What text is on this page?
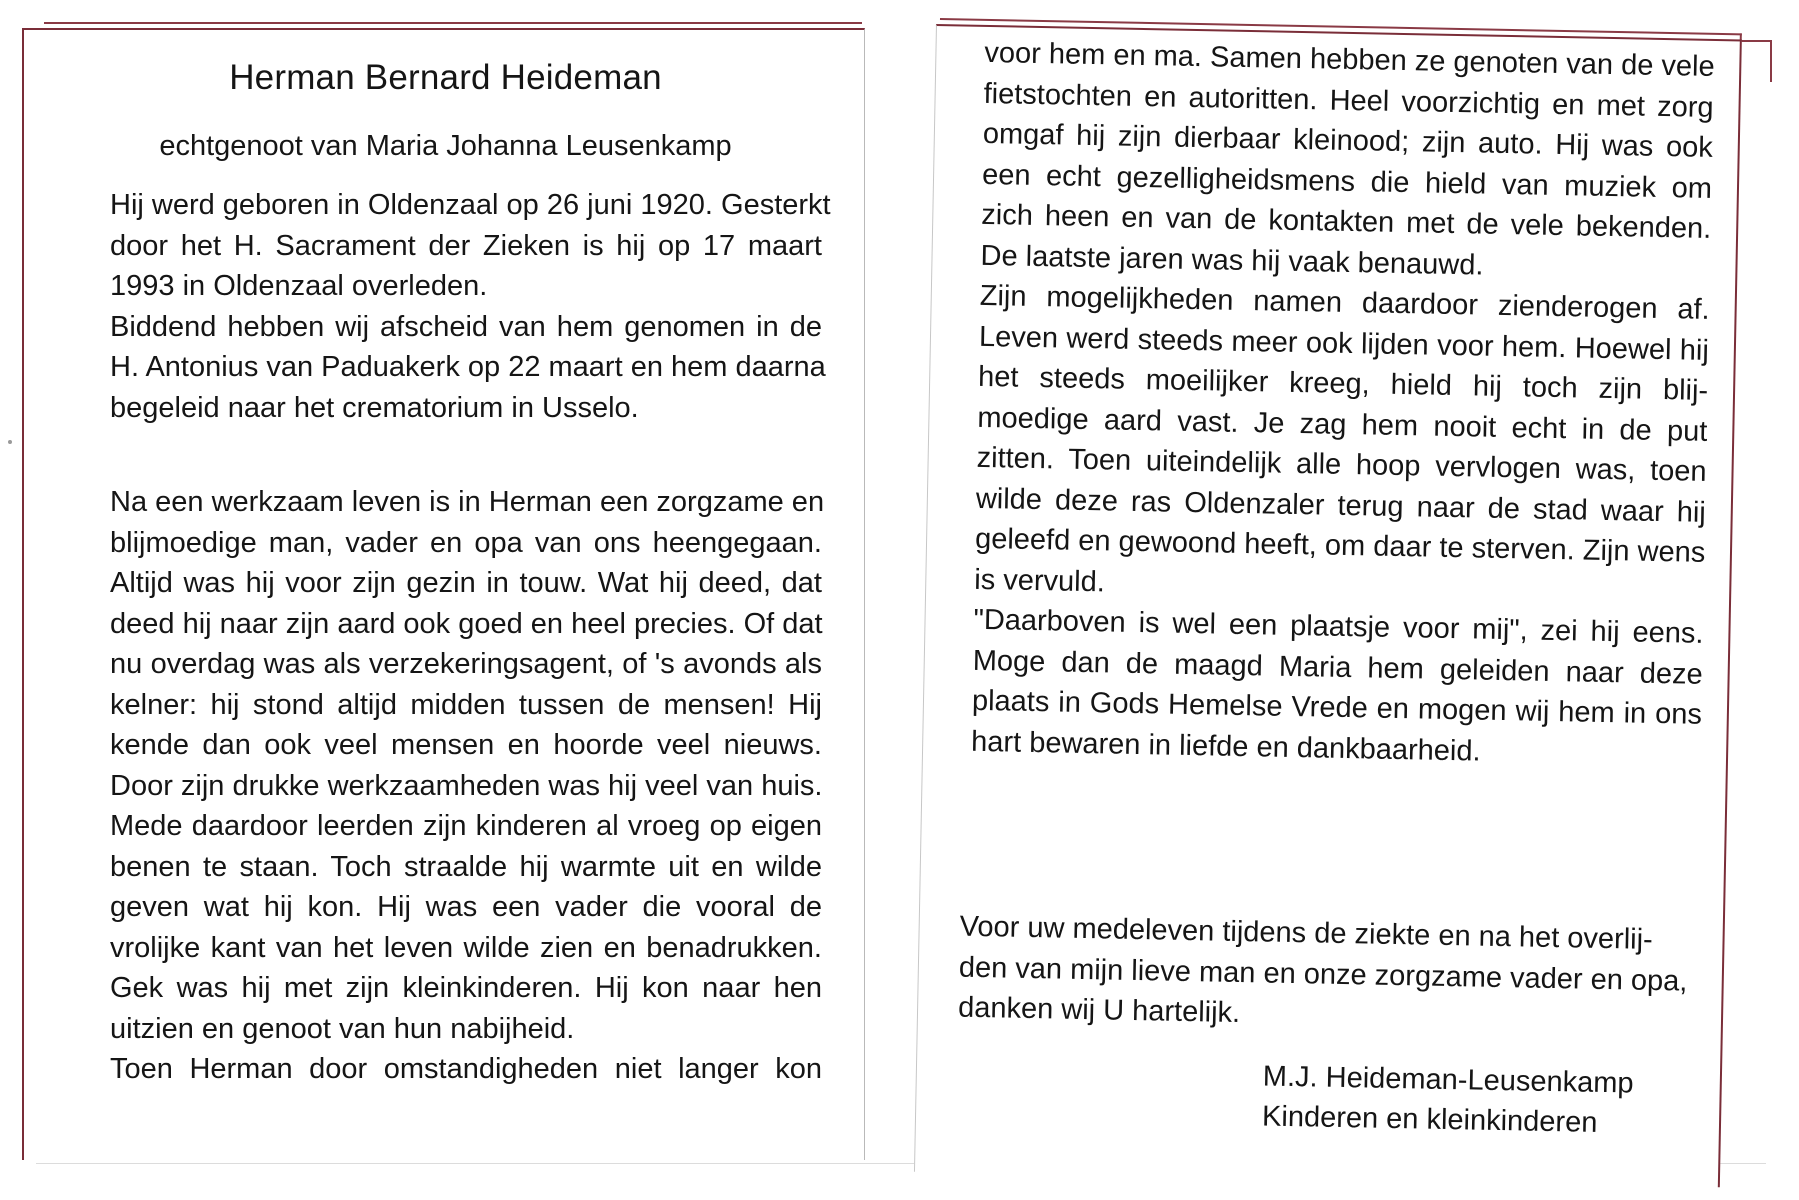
Herman Bernard Heideman
echtgenoot van Maria Johanna Leusenkamp
Hij werd geboren in Oldenzaal op 26 juni 1920. Gesterkt
door het H. Sacrament der Zieken is hij op 17 maart
1993 in Oldenzaal overleden.
Biddend hebben wij afscheid van hem genomen in de
H. Antonius van Paduakerk op 22 maart en hem daarna
begeleid naar het crematorium in Usselo.
Na een werkzaam leven is in Herman een zorgzame en
blijmoedige man, vader en opa van ons heengegaan.
Altijd was hij voor zijn gezin in touw. Wat hij deed, dat
deed hij naar zijn aard ook goed en heel precies. Of dat
nu overdag was als verzekeringsagent, of 's avonds als
kelner: hij stond altijd midden tussen de mensen! Hij
kende dan ook veel mensen en hoorde veel nieuws.
Door zijn drukke werkzaamheden was hij veel van huis.
Mede daardoor leerden zijn kinderen al vroeg op eigen
benen te staan. Toch straalde hij warmte uit en wilde
geven wat hij kon. Hij was een vader die vooral de
vrolijke kant van het leven wilde zien en benadrukken.
Gek was hij met zijn kleinkinderen. Hij kon naar hen
uitzien en genoot van hun nabijheid.
Toen Herman door omstandigheden niet langer kon
voor hem en ma. Samen hebben ze genoten van de vele
fietstochten en autoritten. Heel voorzichtig en met zorg
omgaf hij zijn dierbaar kleinood; zijn auto. Hij was ook
een echt gezelligheidsmens die hield van muziek om
zich heen en van de kontakten met de vele bekenden.
De laatste jaren was hij vaak benauwd.
Zijn mogelijkheden namen daardoor zienderogen af.
Leven werd steeds meer ook lijden voor hem. Hoewel hij
het steeds moeilijker kreeg, hield hij toch zijn blij-
moedige aard vast. Je zag hem nooit echt in de put
zitten. Toen uiteindelijk alle hoop vervlogen was, toen
wilde deze ras Oldenzaler terug naar de stad waar hij
geleefd en gewoond heeft, om daar te sterven. Zijn wens
is vervuld.
"Daarboven is wel een plaatsje voor mij", zei hij eens.
Moge dan de maagd Maria hem geleiden naar deze
plaats in Gods Hemelse Vrede en mogen wij hem in ons
hart bewaren in liefde en dankbaarheid.
Voor uw medeleven tijdens de ziekte en na het overlij-
den van mijn lieve man en onze zorgzame vader en opa,
danken wij U hartelijk.
M.J. Heideman-Leusenkamp
Kinderen en kleinkinderen
